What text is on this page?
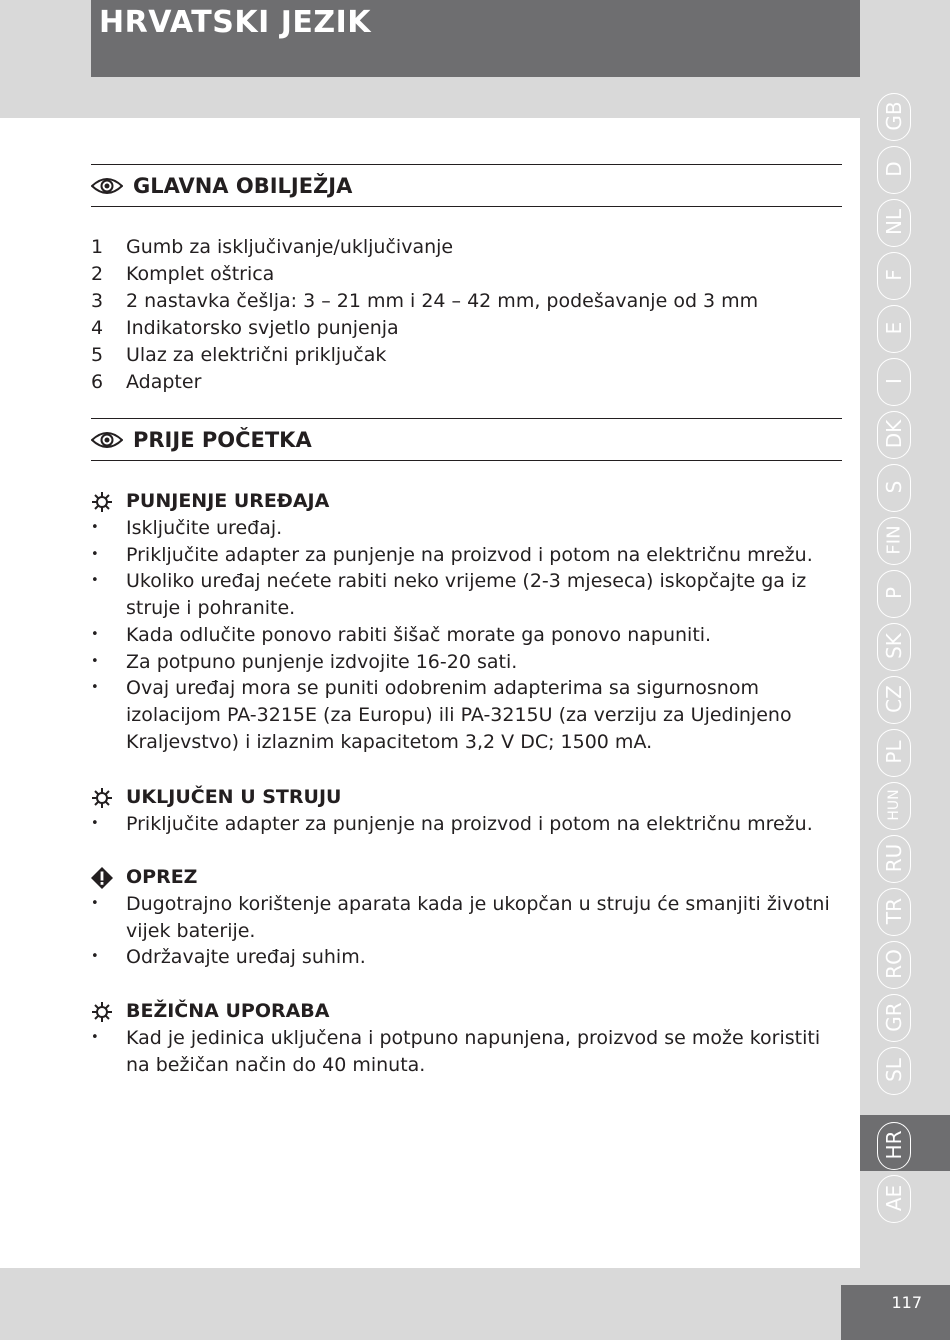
HRVATSKI JEZIK
GLAVNA OBILJEŽJA
1	Gumb za isključivanje/uključivanje
2	Komplet oštrica
3	2 nastavka češlja: 3 – 21 mm i 24 – 42 mm, podešavanje od 3 mm
4	Indikatorsko svjetlo punjenja
5	Ulaz za električni priključak
6	Adapter
PRIJE POČETKA
PUNJENJE UREĐAJA
•	Isključite uređaj.
•	Priključite adapter za punjenje na proizvod i potom na električnu mrežu.
•	Ukoliko uređaj nećete rabiti neko vrijeme (2-3 mjeseca) iskopčajte ga iz struje i pohranite.
•	Kada odlučite ponovo rabiti šišač morate ga ponovo napuniti.
•	Za potpuno punjenje izdvojite 16-20 sati.
•	Ovaj uređaj mora se puniti odobrenim adapterima sa sigurnosnom izolacijom PA-3215E (za Europu) ili PA-3215U (za verziju za Ujedinjeno Kraljevstvo) i izlaznim kapacitetom 3,2 V DC; 1500 mA.
UKLJUČEN U STRUJU
•	Priključite adapter za punjenje na proizvod i potom na električnu mrežu.
OPREZ
•	Dugotrajno korištenje aparata kada je ukopčan u struju će smanjiti životni vijek baterije.
•	Održavajte uređaj suhim.
BEŽIČNA UPORABA
•	Kad je jedinica uključena i potpuno napunjena, proizvod se može koristiti na bežičan način do 40 minuta.
GB
D
NL
F
E
I
DK
S
FIN
P
SK
CZ
PL
HUN
RU
TR
RO
GR
SL
HR
AE
117
